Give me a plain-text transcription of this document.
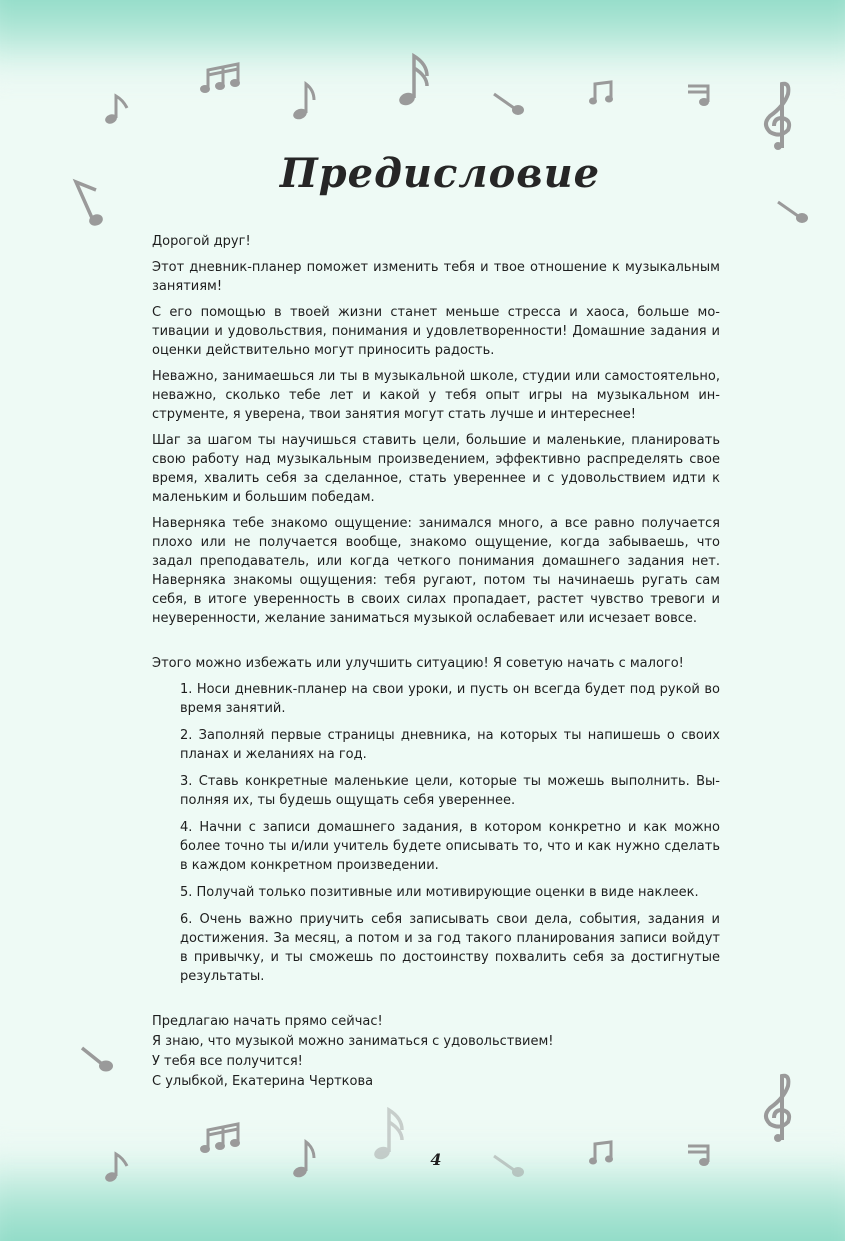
Предисловие

Дорогой друг!

Этот дневник-планер поможет изменить тебя и твое отношение к музыкальным занятиям!

С его помощью в твоей жизни станет меньше стресса и хаоса, больше мотивации и удовольствия, понимания и удовлетворенности! Домашние задания и оценки действительно могут приносить радость.

Неважно, занимаешься ли ты в музыкальной школе, студии или самостоятельно, неважно, сколько тебе лет и какой у тебя опыт игры на музыкальном инструменте, я уверена, твои занятия могут стать лучше и интереснее!

Шаг за шагом ты научишься ставить цели, большие и маленькие, планировать свою работу над музыкальным произведением, эффективно распределять свое время, хвалить себя за сделанное, стать увереннее и с удовольствием идти к маленьким и большим победам.

Наверняка тебе знакомо ощущение: занимался много, а все равно получается плохо или не получается вообще, знакомо ощущение, когда забываешь, что задал преподаватель, или когда четкого понимания домашнего задания нет. Наверняка знакомы ощущения: тебя ругают, потом ты начинаешь ругать сам себя, в итоге уверенность в своих силах пропадает, растет чувство тревоги и неуверенности, желание заниматься музыкой ослабевает или исчезает вовсе.

Этого можно избежать или улучшить ситуацию! Я советую начать с малого!

1. Носи дневник-планер на свои уроки, и пусть он всегда будет под рукой во время занятий.
2. Заполняй первые страницы дневника, на которых ты напишешь о своих планах и желаниях на год.
3. Ставь конкретные маленькие цели, которые ты можешь выполнить. Выполняя их, ты будешь ощущать себя увереннее.
4. Начни с записи домашнего задания, в котором конкретно и как можно более точно ты и/или учитель будете описывать то, что и как нужно сделать в каждом конкретном произведении.
5. Получай только позитивные или мотивирующие оценки в виде наклеек.
6. Очень важно приучить себя записывать свои дела, события, задания и достижения. За месяц, а потом и за год такого планирования записи войдут в привычку, и ты сможешь по достоинству похвалить себя за достигнутые результаты.
Предлагаю начать прямо сейчас!
Я знаю, что музыкой можно заниматься с удовольствием!
У тебя все получится!
С улыбкой, Екатерина Черткова
4
